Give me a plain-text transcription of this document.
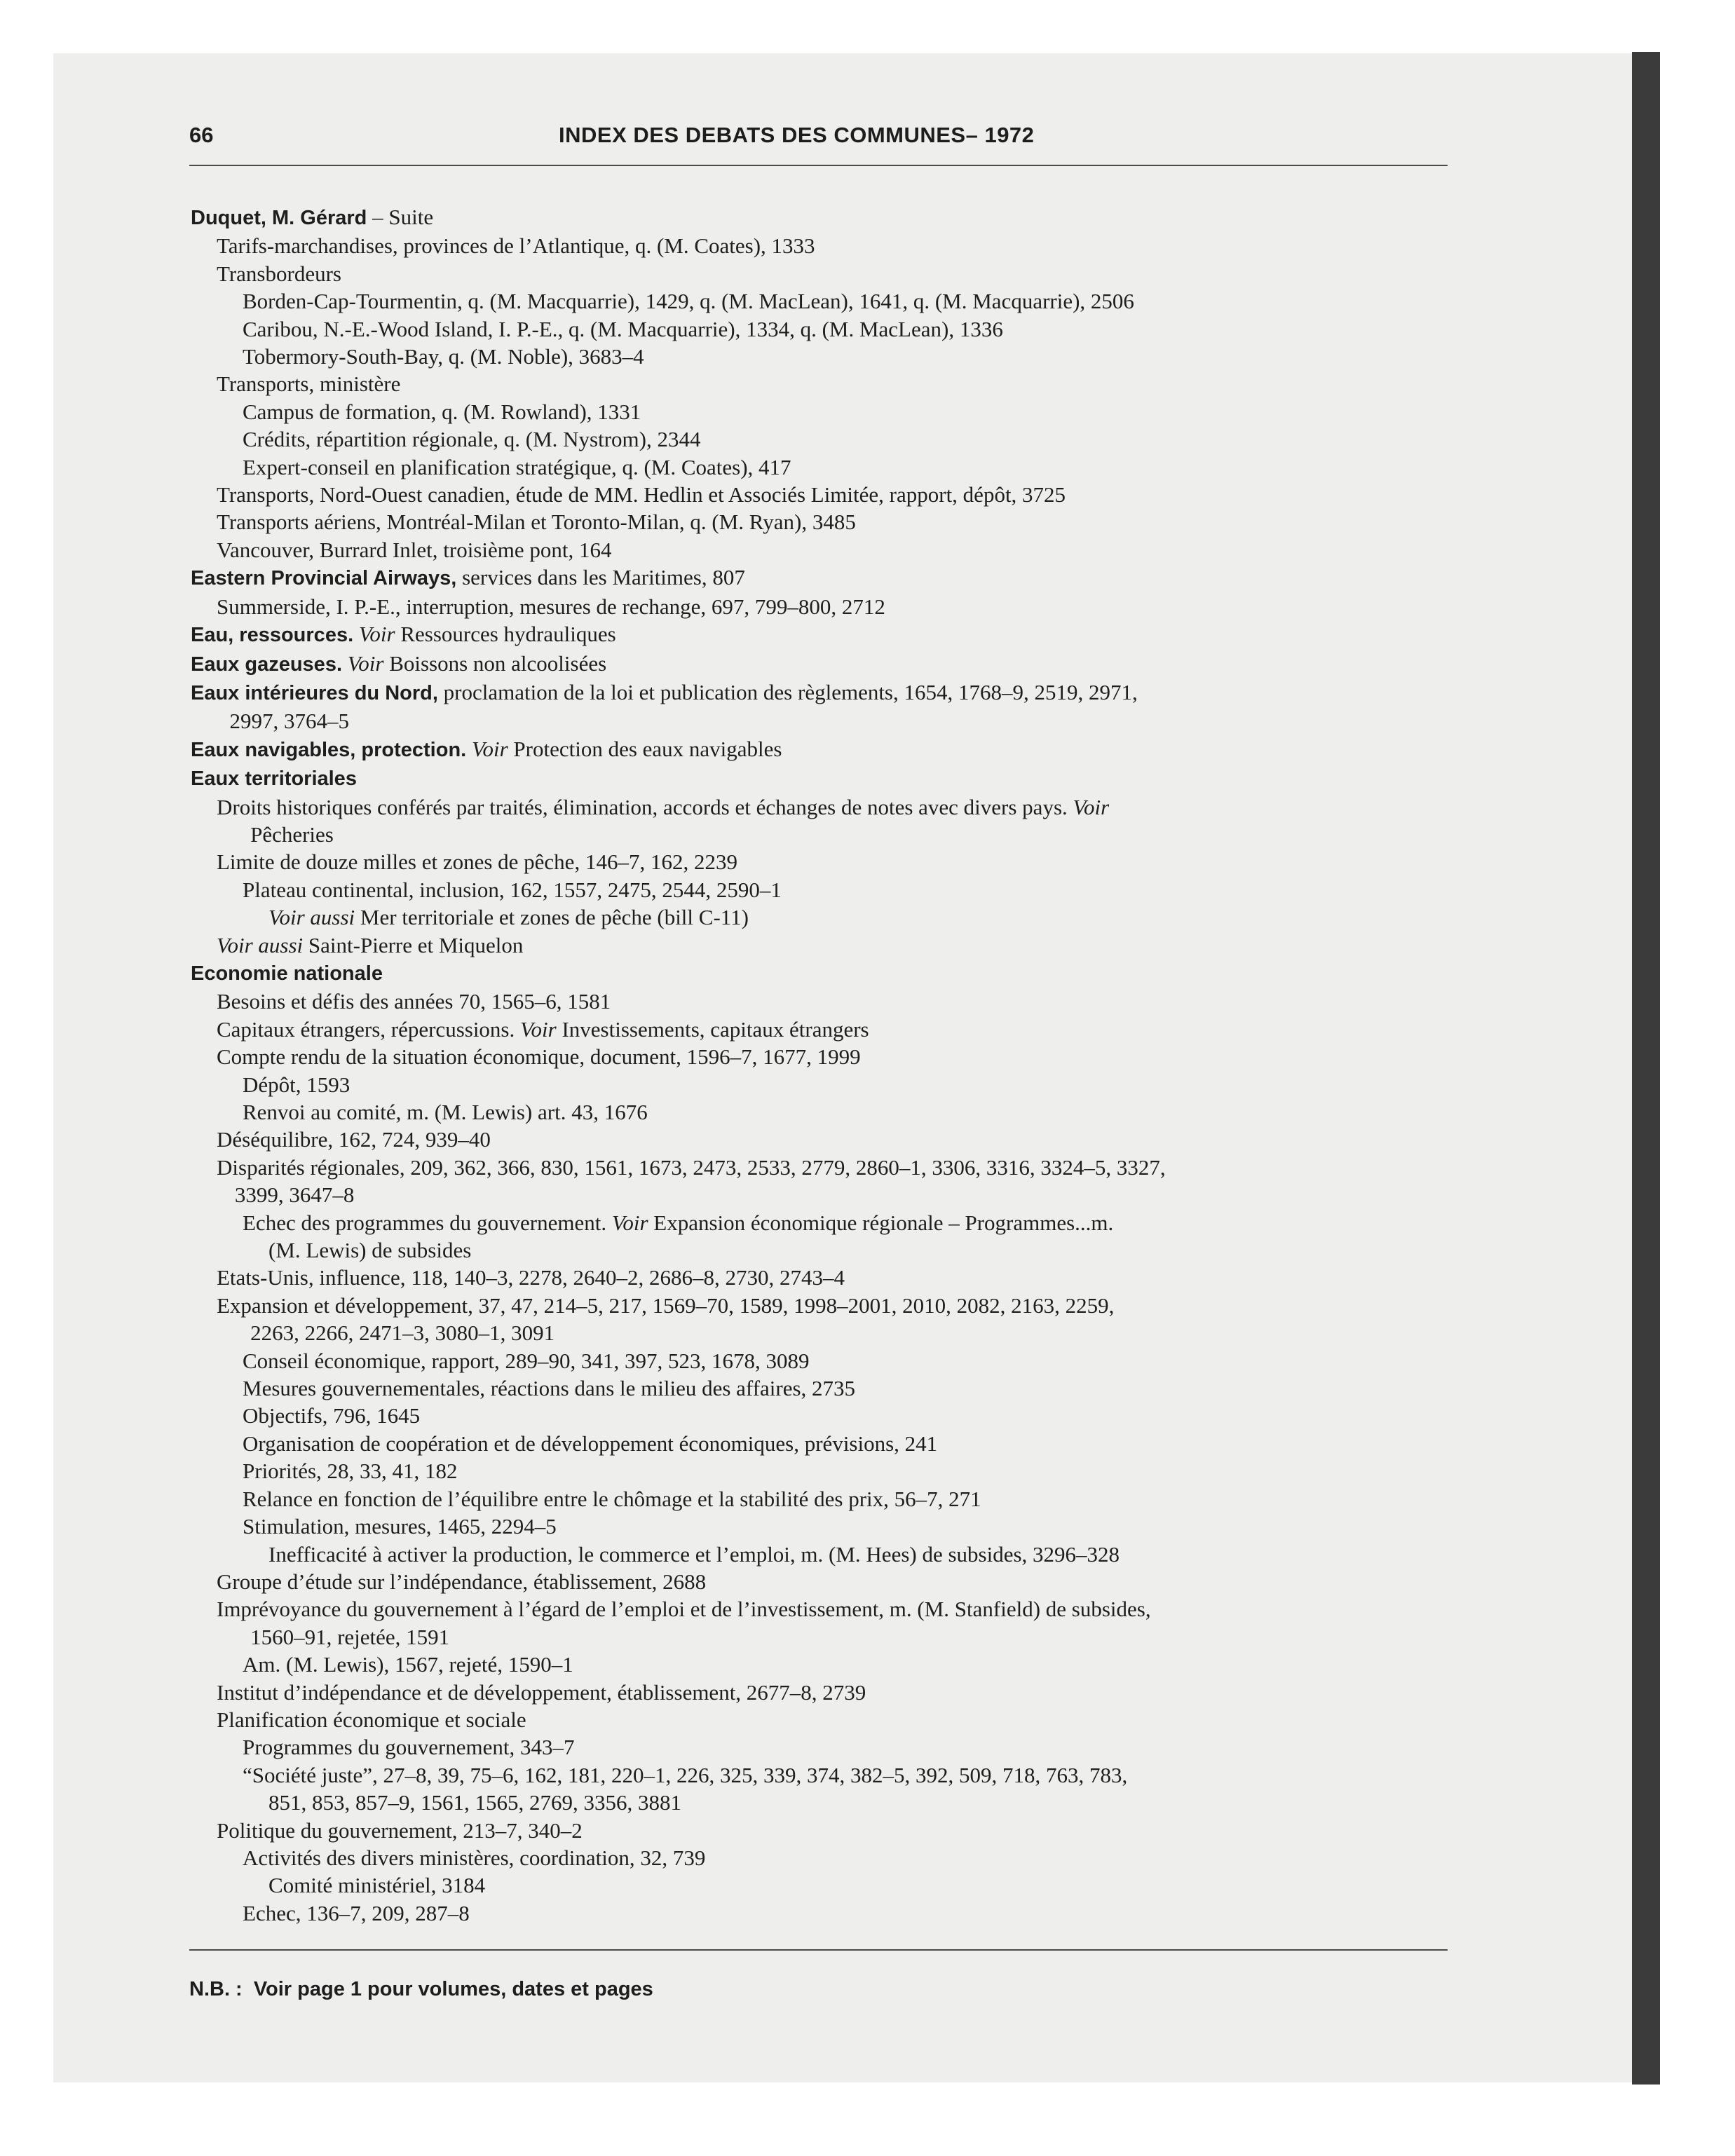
66	INDEX DES DEBATS DES COMMUNES– 1972
Duquet, M. Gérard – Suite
Tarifs-marchandises, provinces de l’Atlantique, q. (M. Coates), 1333
Transbordeurs
Borden-Cap-Tourmentin, q. (M. Macquarrie), 1429, q. (M. MacLean), 1641, q. (M. Macquarrie), 2506
Caribou, N.-E.-Wood Island, I. P.-E., q. (M. Macquarrie), 1334, q. (M. MacLean), 1336
Tobermory-South-Bay, q. (M. Noble), 3683–4
Transports, ministère
Campus de formation, q. (M. Rowland), 1331
Crédits, répartition régionale, q. (M. Nystrom), 2344
Expert-conseil en planification stratégique, q. (M. Coates), 417
Transports, Nord-Ouest canadien, étude de MM. Hedlin et Associés Limitée, rapport, dépôt, 3725
Transports aériens, Montréal-Milan et Toronto-Milan, q. (M. Ryan), 3485
Vancouver, Burrard Inlet, troisième pont, 164
Eastern Provincial Airways, services dans les Maritimes, 807
Summerside, I. P.-E., interruption, mesures de rechange, 697, 799–800, 2712
Eau, ressources. Voir Ressources hydrauliques
Eaux gazeuses. Voir Boissons non alcoolisées
Eaux intérieures du Nord, proclamation de la loi et publication des règlements, 1654, 1768–9, 2519, 2971,
2997, 3764–5
Eaux navigables, protection. Voir Protection des eaux navigables
Eaux territoriales
Droits historiques conférés par traités, élimination, accords et échanges de notes avec divers pays. Voir
Pêcheries
Limite de douze milles et zones de pêche, 146–7, 162, 2239
Plateau continental, inclusion, 162, 1557, 2475, 2544, 2590–1
Voir aussi Mer territoriale et zones de pêche (bill C-11)
Voir aussi Saint-Pierre et Miquelon
Economie nationale
Besoins et défis des années 70, 1565–6, 1581
Capitaux étrangers, répercussions. Voir Investissements, capitaux étrangers
Compte rendu de la situation économique, document, 1596–7, 1677, 1999
Dépôt, 1593
Renvoi au comité, m. (M. Lewis) art. 43, 1676
Déséquilibre, 162, 724, 939–40
Disparités régionales, 209, 362, 366, 830, 1561, 1673, 2473, 2533, 2779, 2860–1, 3306, 3316, 3324–5, 3327,
3399, 3647–8
Echec des programmes du gouvernement. Voir Expansion économique régionale – Programmes...m.
(M. Lewis) de subsides
Etats-Unis, influence, 118, 140–3, 2278, 2640–2, 2686–8, 2730, 2743–4
Expansion et développement, 37, 47, 214–5, 217, 1569–70, 1589, 1998–2001, 2010, 2082, 2163, 2259,
2263, 2266, 2471–3, 3080–1, 3091
Conseil économique, rapport, 289–90, 341, 397, 523, 1678, 3089
Mesures gouvernementales, réactions dans le milieu des affaires, 2735
Objectifs, 796, 1645
Organisation de coopération et de développement économiques, prévisions, 241
Priorités, 28, 33, 41, 182
Relance en fonction de l’équilibre entre le chômage et la stabilité des prix, 56–7, 271
Stimulation, mesures, 1465, 2294–5
Inefficacité à activer la production, le commerce et l’emploi, m. (M. Hees) de subsides, 3296–328
Groupe d’étude sur l’indépendance, établissement, 2688
Imprévoyance du gouvernement à l’égard de l’emploi et de l’investissement, m. (M. Stanfield) de subsides,
1560–91, rejetée, 1591
Am. (M. Lewis), 1567, rejeté, 1590–1
Institut d’indépendance et de développement, établissement, 2677–8, 2739
Planification économique et sociale
Programmes du gouvernement, 343–7
“Société juste”, 27–8, 39, 75–6, 162, 181, 220–1, 226, 325, 339, 374, 382–5, 392, 509, 718, 763, 783,
851, 853, 857–9, 1561, 1565, 2769, 3356, 3881
Politique du gouvernement, 213–7, 340–2
Activités des divers ministères, coordination, 32, 739
Comité ministériel, 3184
Echec, 136–7, 209, 287–8
N.B. :  Voir page 1 pour volumes, dates et pages
